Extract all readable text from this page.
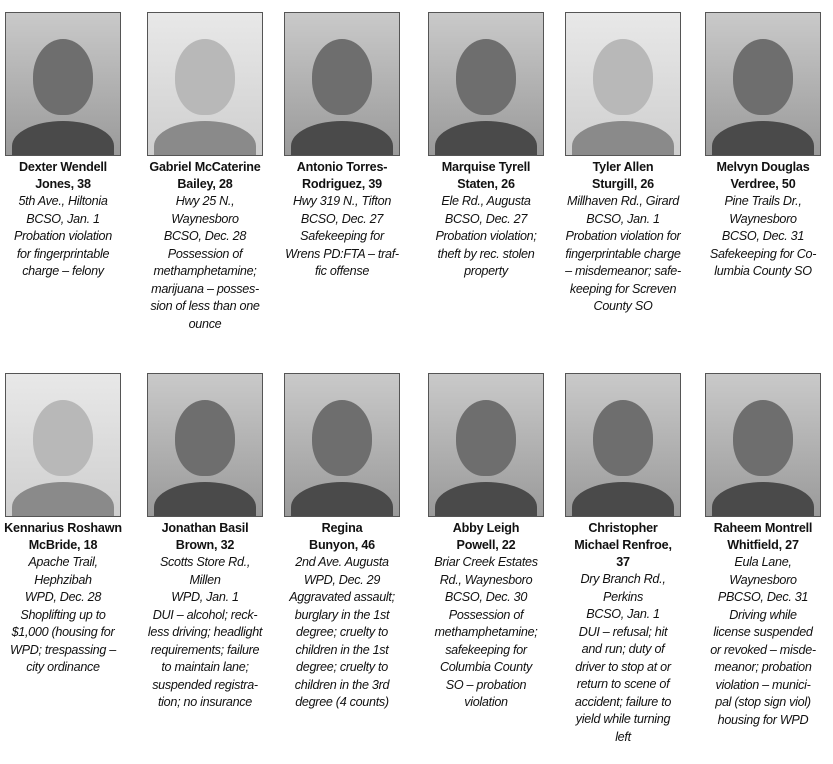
Dexter Wendell
Jones, 38
5th Ave., Hiltonia
BCSO, Jan. 1
Probation violation
for fingerprintable
charge – felony
Gabriel McCaterine
Bailey, 28
Hwy 25 N.,
Waynesboro
BCSO, Dec. 28
Possession of
methamphetamine;
marijuana – posses-
sion of less than one
ounce
Antonio Torres-
Rodriguez, 39
Hwy 319 N., Tifton
BCSO, Dec. 27
Safekeeping for
Wrens PD:FTA – traf-
fic offense
Marquise Tyrell
Staten, 26
Ele Rd., Augusta
BCSO, Dec. 27
Probation violation;
theft by rec. stolen
property
Tyler Allen
Sturgill, 26
Millhaven Rd., Girard
BCSO, Jan. 1
Probation violation for
fingerprintable charge
– misdemeanor; safe-
keeping for Screven
County SO
Melvyn Douglas
Verdree, 50
Pine Trails Dr.,
Waynesboro
BCSO, Dec. 31
Safekeeping for Co-
lumbia County SO
Kennarius Roshawn
McBride, 18
Apache Trail,
Hephzibah
WPD, Dec. 28
Shoplifting up to
$1,000 (housing for
WPD; trespassing –
city ordinance
Jonathan Basil
Brown, 32
Scotts Store Rd.,
Millen
WPD, Jan. 1
DUI – alcohol; reck-
less driving; headlight
requirements; failure
to maintain lane;
suspended registra-
tion; no insurance
Regina
Bunyon, 46
2nd Ave. Augusta
WPD, Dec. 29
Aggravated assault;
burglary in the 1st
degree; cruelty to
children in the 1st
degree; cruelty to
children in the 3rd
degree (4 counts)
Abby Leigh
Powell, 22
Briar Creek Estates
Rd., Waynesboro
BCSO, Dec. 30
Possession of
methamphetamine;
safekeeping for
Columbia County
SO – probation
violation
Christopher
Michael Renfroe,
37
Dry Branch Rd.,
Perkins
BCSO, Jan. 1
DUI – refusal; hit
and run; duty of
driver to stop at or
return to scene of
accident; failure to
yield while turning
left
Raheem Montrell
Whitfield, 27
Eula Lane,
Waynesboro
PBCSO, Dec. 31
Driving while
license suspended
or revoked – misde-
meanor; probation
violation – munici-
pal (stop sign viol)
housing for WPD
